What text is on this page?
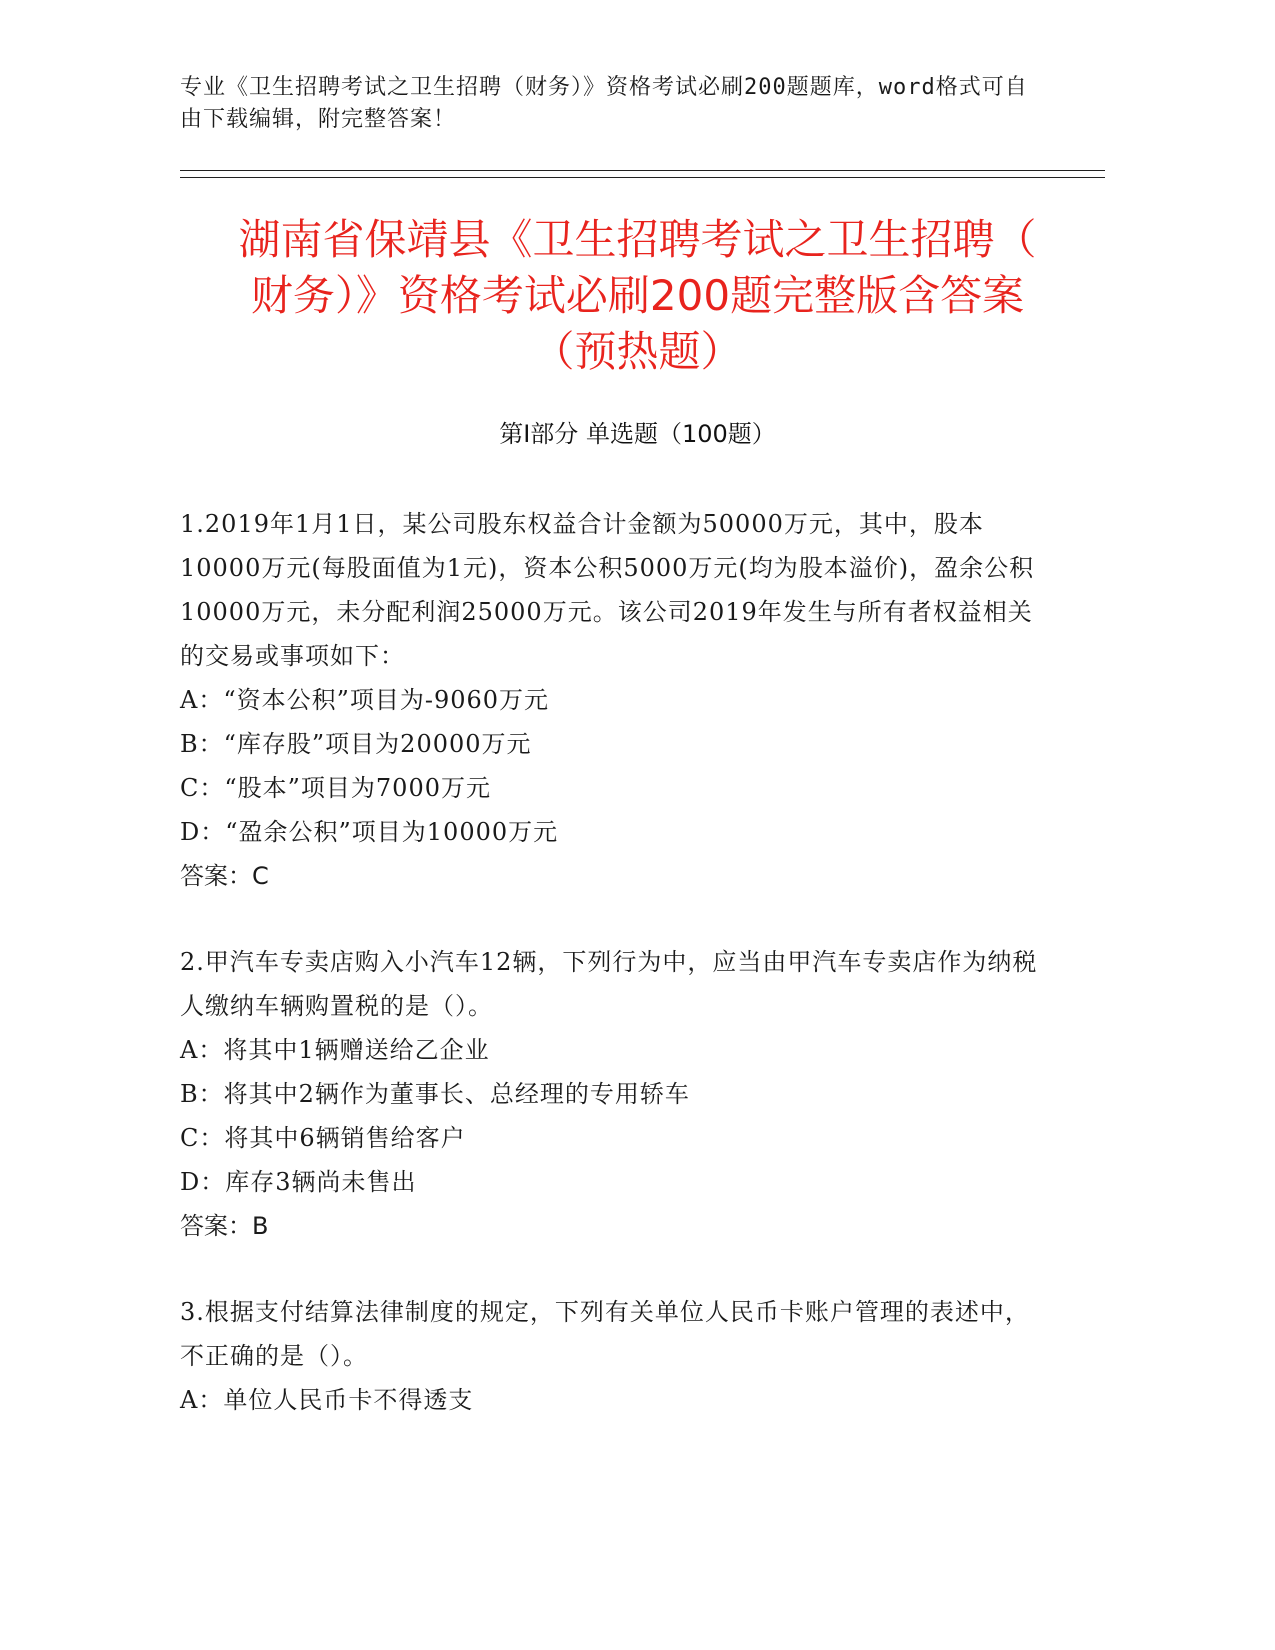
专业《卫生招聘考试之卫生招聘（财务）》资格考试必刷200题题库，word格式可自由下载编辑，附完整答案！
湖南省保靖县《卫生招聘考试之卫生招聘（
财务）》资格考试必刷200题完整版含答案
（预热题）
第Ⅰ部分 单选题（100题）

1.2019年1月1日，某公司股东权益合计金额为50000万元，其中，股本10000万元(每股面值为1元)，资本公积5000万元(均为股本溢价)，盈余公积10000万元，未分配利润25000万元。该公司2019年发生与所有者权益相关的交易或事项如下：

A：“资本公积”项目为-9060万元

B：“库存股”项目为20000万元

C：“股本”项目为7000万元

D：“盈余公积”项目为10000万元

答案：C

2.甲汽车专卖店购入小汽车12辆，下列行为中，应当由甲汽车专卖店作为纳税人缴纳车辆购置税的是（）。

A：将其中1辆赠送给乙企业

B：将其中2辆作为董事长、总经理的专用轿车

C：将其中6辆销售给客户

D：库存3辆尚未售出

答案：B

3.根据支付结算法律制度的规定，下列有关单位人民币卡账户管理的表述中，不正确的是（）。

A：单位人民币卡不得透支
